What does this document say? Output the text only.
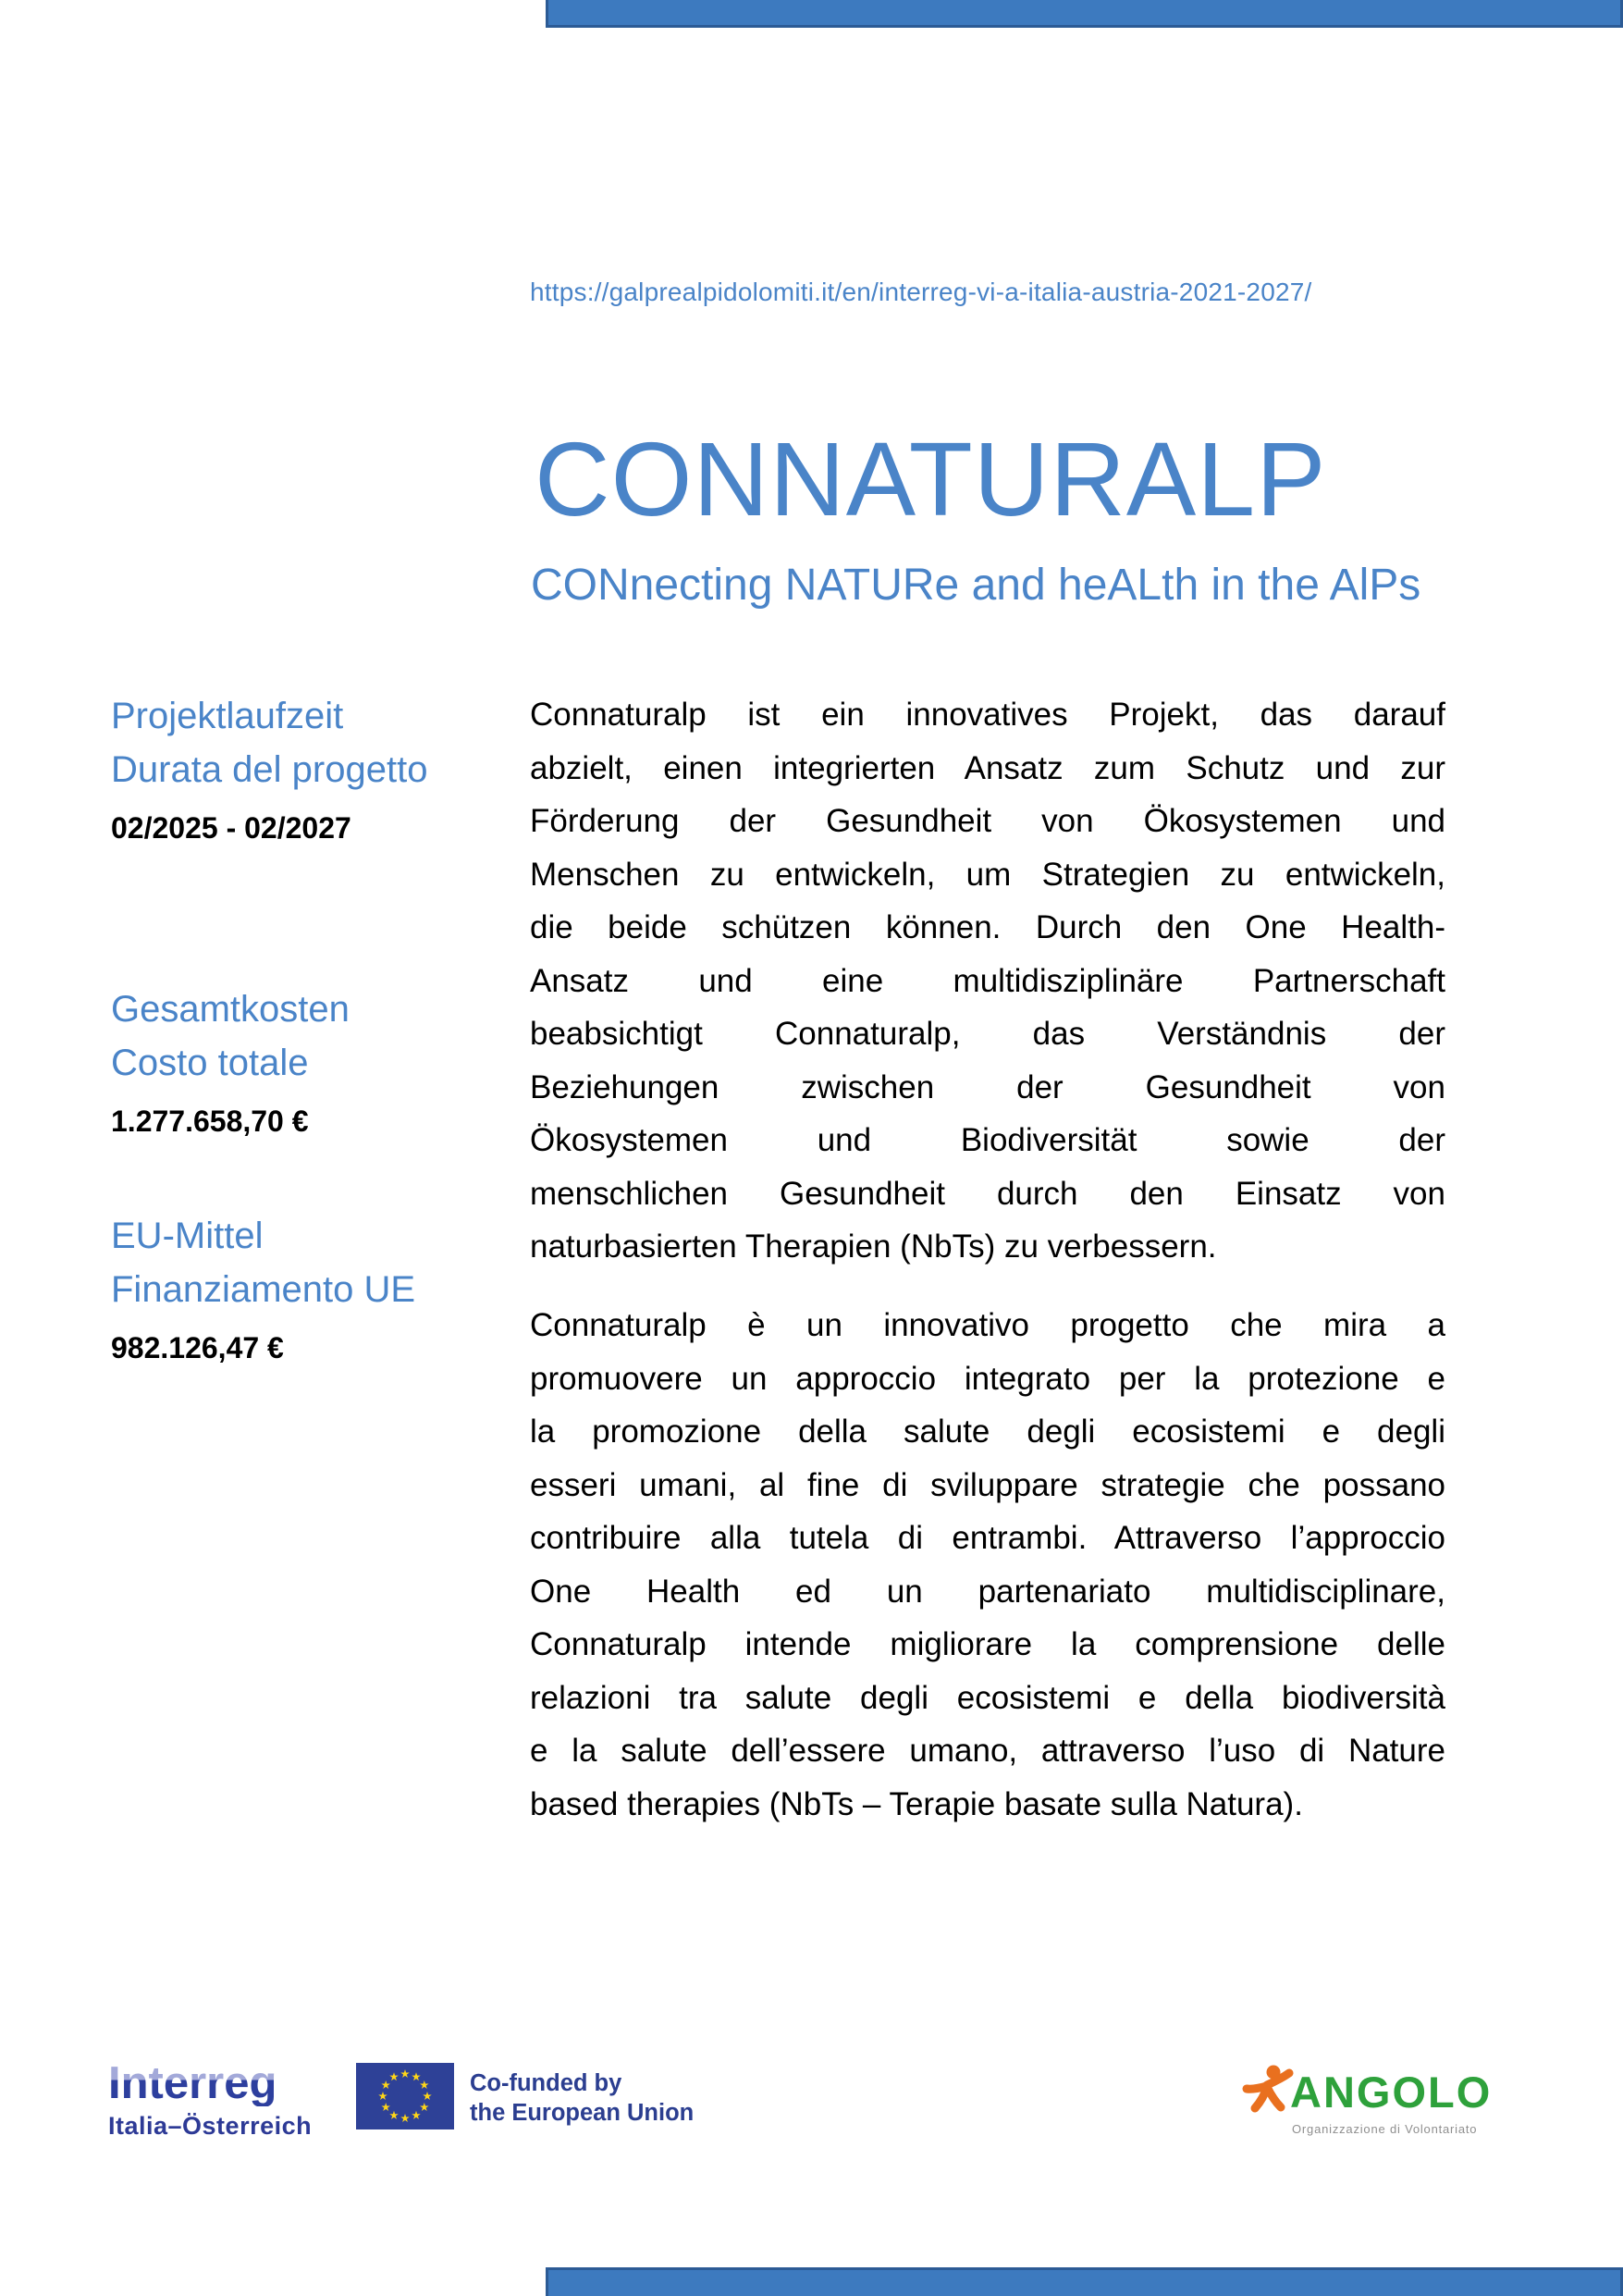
https://galprealpidolomiti.it/en/interreg-vi-a-italia-austria-2021-2027/
CONNATURALP
CONnecting NATURe and heALth in the AlPs
Projektlaufzeit
Durata del progetto
02/2025 - 02/2027
Gesamtkosten
Costo totale
1.277.658,70 €
EU-Mittel
Finanziamento UE
982.126,47 €
Connaturalp ist ein innovatives Projekt, das darauf
abzielt, einen integrierten Ansatz zum Schutz und zur
Förderung der Gesundheit von Ökosystemen und
Menschen zu entwickeln, um Strategien zu entwickeln,
die beide schützen können. Durch den One Health-
Ansatz und eine multidisziplinäre Partnerschaft
beabsichtigt Connaturalp, das Verständnis der
Beziehungen zwischen der Gesundheit von
Ökosystemen und Biodiversität sowie der
menschlichen Gesundheit durch den Einsatz von
naturbasierten Therapien (NbTs) zu verbessern.
Connaturalp è un innovativo progetto che mira a
promuovere un approccio integrato per la protezione e
la promozione della salute degli ecosistemi e degli
esseri umani, al fine di sviluppare strategie che possano
contribuire alla tutela di entrambi. Attraverso l’approccio
One Health ed un partenariato multidisciplinare,
Connaturalp intende migliorare la comprensione delle
relazioni tra salute degli ecosistemi e della biodiversità
e la salute dell’essere umano, attraverso l’uso di Nature
based therapies (NbTs – Terapie basate sulla Natura).
Interreg
Italia–Österreich
Co-funded by
the European Union	ANGOLO
Organizzazione di Volontariato
